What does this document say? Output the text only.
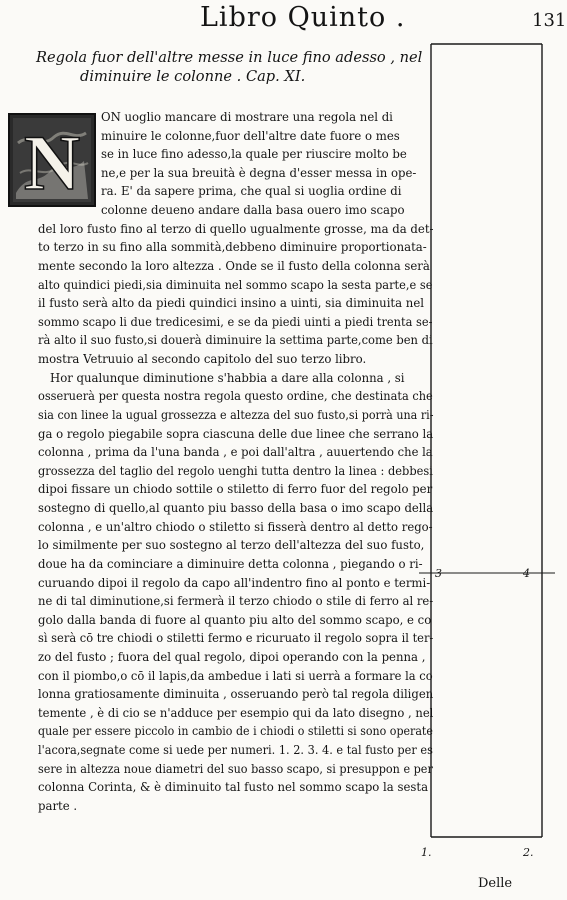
Libro Quinto .	131
Regola fuor dell'altre messe in luce fino adesso , nel
diminuire le colonne . Cap. XI.
N
ON uoglio mancare di mostrare una regola nel di
minuire le colonne,fuor dell'altre date fuore o mes
se in luce fino adesso,la quale per riuscire molto be
ne,e per la sua breuità è degna d'esser messa in ope-
ra. E' da sapere prima, che qual si uoglia ordine di
colonne deueno andare dalla basa ouero imo scapo
del loro fusto fino al terzo di quello ugualmente grosse, ma da det-
to terzo in su fino alla sommità,debbeno diminuire proportionata-
mente secondo la loro altezza . Onde se il fusto della colonna serà
alto quindici piedi,sia diminuita nel sommo scapo la sesta parte,e se
il fusto serà alto da piedi quindici insino a uinti, sia diminuita nel
sommo scapo li due tredicesimi, e se da piedi uinti a piedi trenta se-
rà alto il suo fusto,si douerà diminuire la settima parte,come ben di
mostra Vetruuio al secondo capitolo del suo terzo libro.
Hor qualunque diminutione s'habbia a dare alla colonna , si
osseruerà per questa nostra regola questo ordine, che destinata che
sia con linee la ugual grossezza e altezza del suo fusto,si porrà una ri-
ga o regolo piegabile sopra ciascuna delle due linee che serrano la
colonna , prima da l'una banda , e poi dall'altra , auuertendo che la
grossezza del taglio del regolo uenghi tutta dentro la linea : debbesi
dipoi fissare un chiodo sottile o stiletto di ferro fuor del regolo per
sostegno di quello,al quanto piu basso della basa o imo scapo della
colonna , e un'altro chiodo o stiletto si fisserà dentro al detto rego-
lo similmente per suo sostegno al terzo dell'altezza del suo fusto,
doue ha da cominciare a diminuire detta colonna , piegando o ri-
curuando dipoi il regolo da capo all'indentro fino al ponto e termi-
ne di tal diminutione,si fermerà il terzo chiodo o stile di ferro al re-
golo dalla banda di fuore al quanto piu alto del sommo scapo, e co
sì serà cō tre chiodi o stiletti fermo e ricuruato il regolo sopra il ter-
zo del fusto ; fuora del qual regolo, dipoi operando con la penna ,
con il piombo,o cō il lapis,da ambedue i lati si uerrà a formare la co
lonna gratiosamente diminuita , osseruando però tal regola diligen
temente , è di cio se n'adduce per esempio qui da lato disegno , nel
quale per essere piccolo in cambio de i chiodi o stiletti si sono operate
l'acora,segnate come si uede per numeri. 1. 2. 3. 4. e tal fusto per es
sere in altezza noue diametri del suo basso scapo, si presuppon e per
colonna Corinta, & è diminuito tal fusto nel sommo scapo la sesta
parte .
3	4
1.	2.
Delle
